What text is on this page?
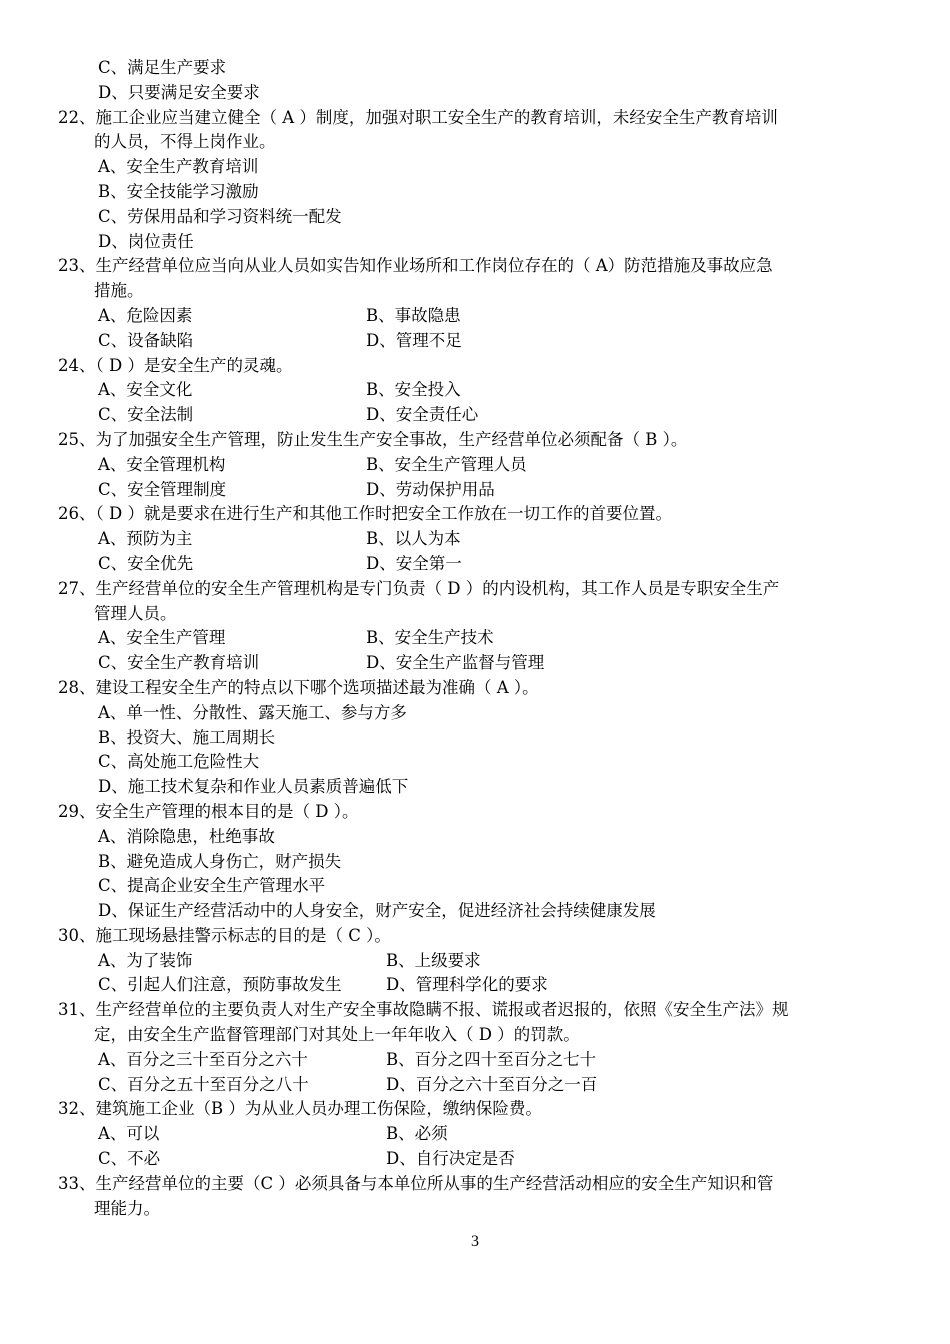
C、满足生产要求
D、只要满足安全要求
22、施工企业应当建立健全（ A ）制度，加强对职工安全生产的教育培训，未经安全生产教育培训
的人员，不得上岗作业。
A、安全生产教育培训
B、安全技能学习激励
C、劳保用品和学习资料统一配发
D、岗位责任
23、生产经营单位应当向从业人员如实告知作业场所和工作岗位存在的（ A）防范措施及事故应急
措施。
A、危险因素	B、事故隐患
C、设备缺陷	D、管理不足
24、（ D ）是安全生产的灵魂。
A、安全文化	B、安全投入
C、安全法制	D、安全责任心
25、为了加强安全生产管理，防止发生生产安全事故，生产经营单位必须配备（ B ）。
A、安全管理机构	B、安全生产管理人员
C、安全管理制度	D、劳动保护用品
26、（ D ）就是要求在进行生产和其他工作时把安全工作放在一切工作的首要位置。
A、预防为主	B、以人为本
C、安全优先	D、安全第一
27、生产经营单位的安全生产管理机构是专门负责（ D ）的内设机构，其工作人员是专职安全生产
管理人员。
A、安全生产管理	B、安全生产技术
C、安全生产教育培训	D、安全生产监督与管理
28、建设工程安全生产的特点以下哪个选项描述最为准确（ A ）。
A、单一性、分散性、露天施工、参与方多
B、投资大、施工周期长
C、高处施工危险性大
D、施工技术复杂和作业人员素质普遍低下
29、安全生产管理的根本目的是（ D ）。
A、消除隐患，杜绝事故
B、避免造成人身伤亡，财产损失
C、提高企业安全生产管理水平
D、保证生产经营活动中的人身安全，财产安全，促进经济社会持续健康发展
30、施工现场悬挂警示标志的目的是（ C ）。
A、为了装饰	B、上级要求
C、引起人们注意，预防事故发生	D、管理科学化的要求
31、生产经营单位的主要负责人对生产安全事故隐瞒不报、谎报或者迟报的，依照《安全生产法》规
定，由安全生产监督管理部门对其处上一年年收入（ D ）的罚款。
A、百分之三十至百分之六十	B、百分之四十至百分之七十
C、百分之五十至百分之八十	D、百分之六十至百分之一百
32、建筑施工企业（B ）为从业人员办理工伤保险，缴纳保险费。
A、可以	B、必须
C、不必	D、自行决定是否
33、生产经营单位的主要（C ）必须具备与本单位所从事的生产经营活动相应的安全生产知识和管
理能力。
3
